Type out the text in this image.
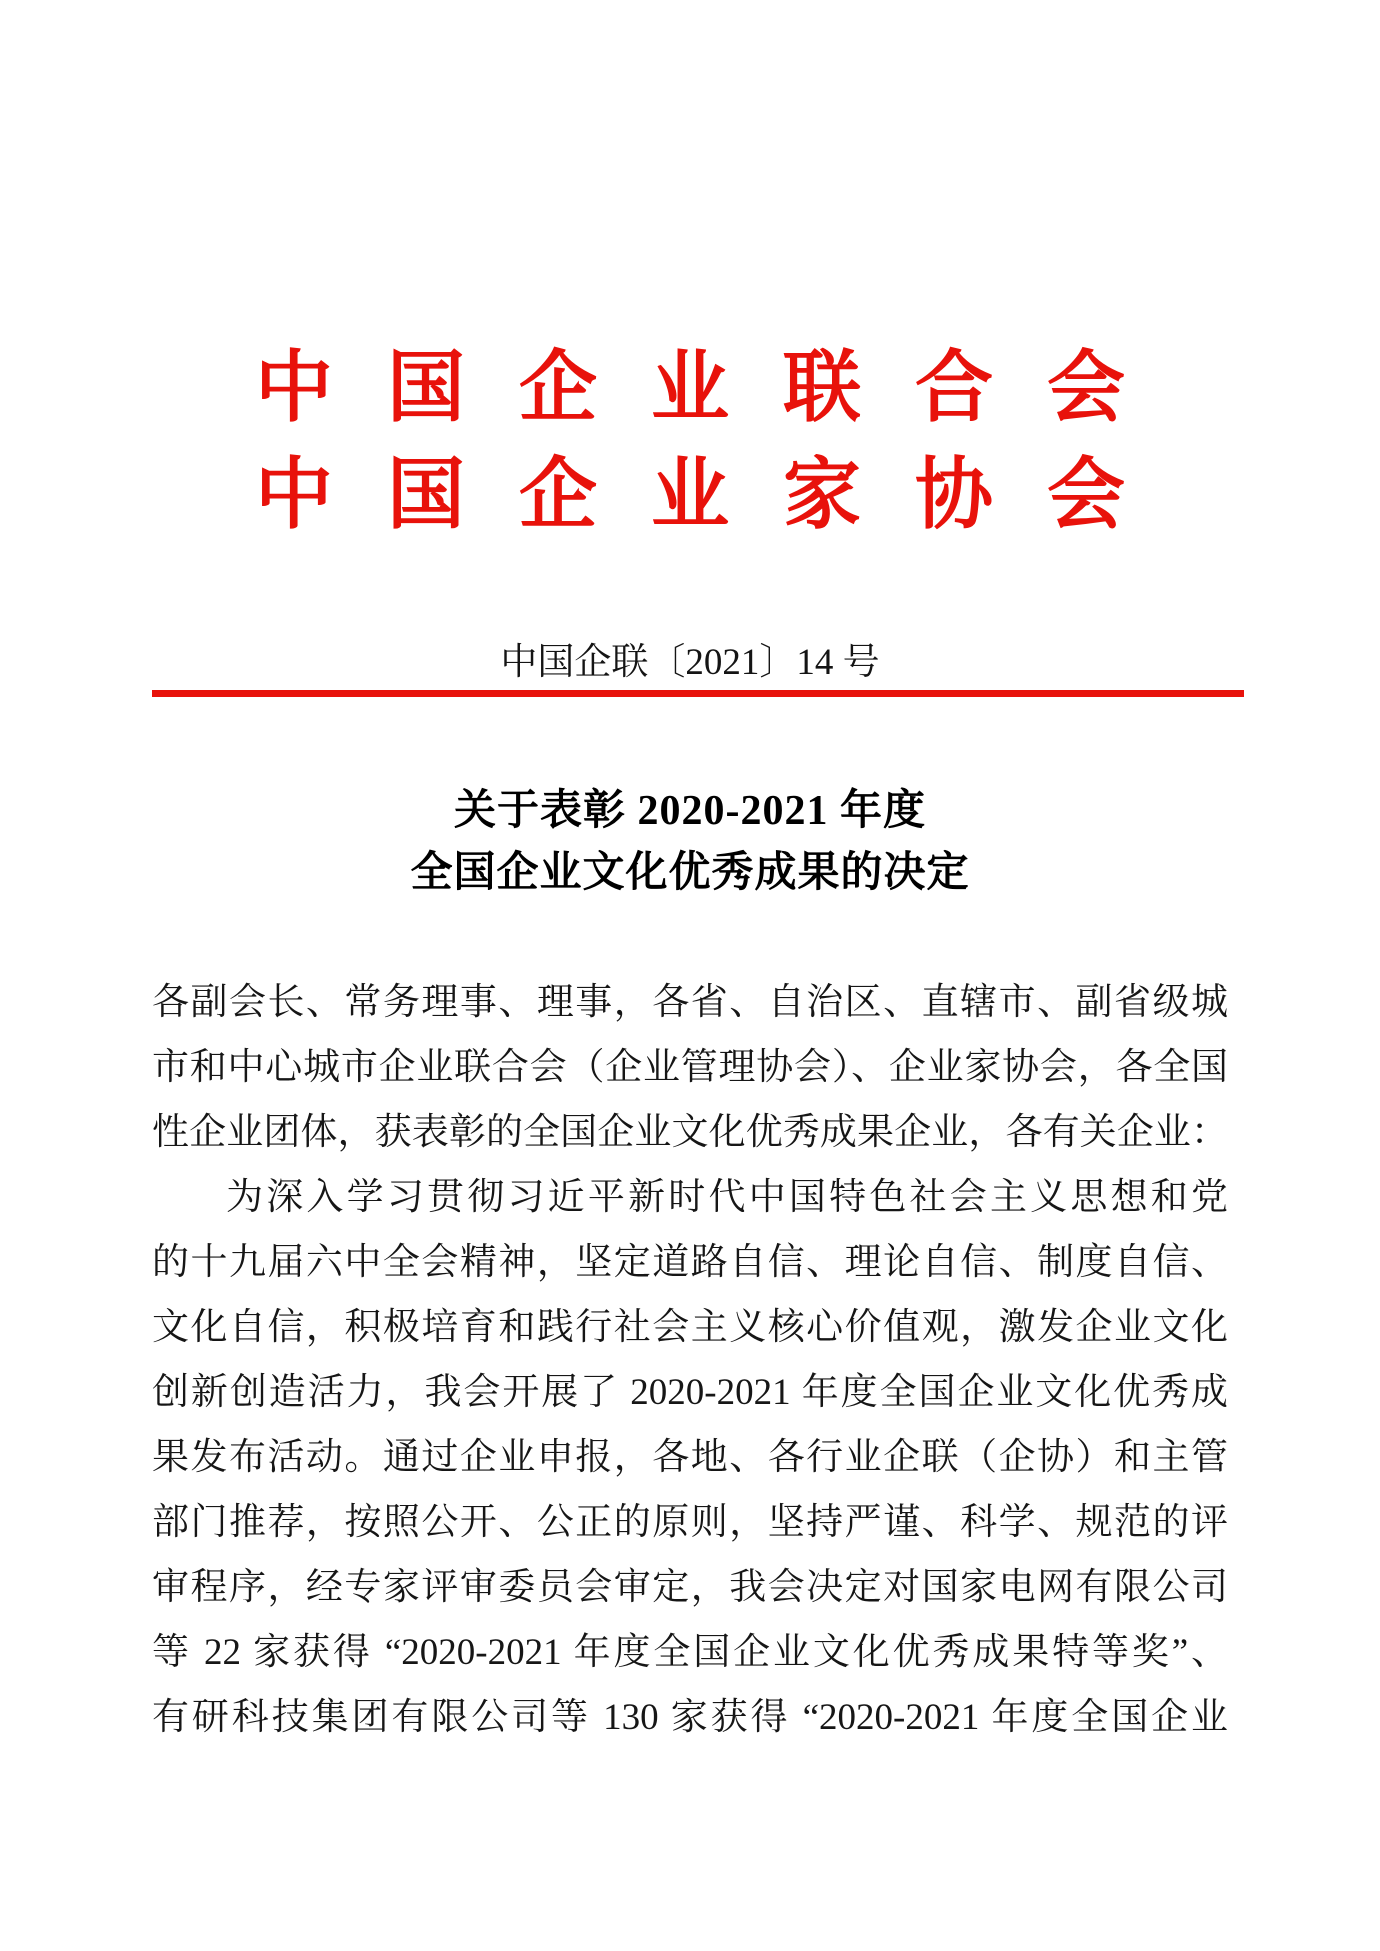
中国企业联合会
中国企业家协会
中国企联〔2021〕14 号
关于表彰 2020-2021 年度
全国企业文化优秀成果的决定
各副会长、常务理事、理事，各省、自治区、直辖市、副省级城
市和中心城市企业联合会（企业管理协会）、企业家协会，各全国
性企业团体，获表彰的全国企业文化优秀成果企业，各有关企业：
为深入学习贯彻习近平新时代中国特色社会主义思想和党
的十九届六中全会精神，坚定道路自信、理论自信、制度自信、
文化自信，积极培育和践行社会主义核心价值观，激发企业文化
创新创造活力，我会开展了 2020-2021 年度全国企业文化优秀成
果发布活动。通过企业申报，各地、各行业企联（企协）和主管
部门推荐，按照公开、公正的原则，坚持严谨、科学、规范的评
审程序，经专家评审委员会审定，我会决定对国家电网有限公司
等 22 家获得 “2020-2021 年度全国企业文化优秀成果特等奖”、
有研科技集团有限公司等 130 家获得 “2020-2021 年度全国企业
